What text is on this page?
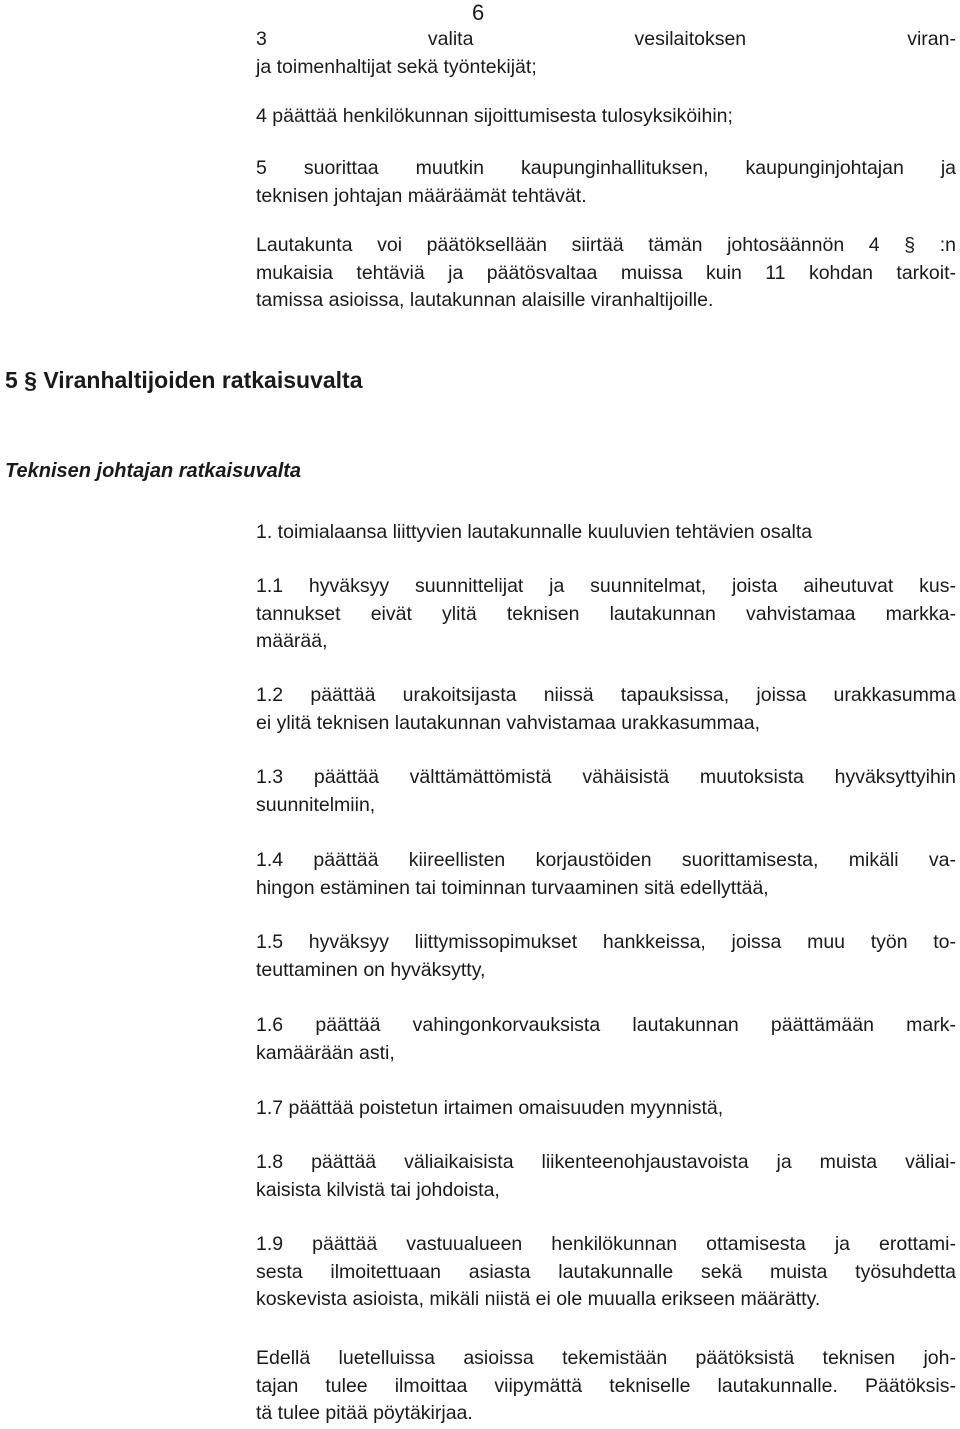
6
3 valita vesilaitoksen viran-
ja toimenhaltijat sekä työntekijät;
4 päättää henkilökunnan sijoittumisesta tulosyksiköihin;
5 suorittaa muutkin kaupunginhallituksen, kaupunginjohtajan ja
teknisen johtajan määräämät tehtävät.
Lautakunta voi päätöksellään siirtää tämän johtosäännön 4 § :n
mukaisia tehtäviä ja päätösvaltaa muissa kuin 11 kohdan tarkoit-
tamissa asioissa, lautakunnan alaisille viranhaltijoille.
5 § Viranhaltijoiden ratkaisuvalta
Teknisen johtajan ratkaisuvalta
1. toimialaansa liittyvien lautakunnalle kuuluvien tehtävien osalta
1.1 hyväksyy suunnittelijat ja suunnitelmat, joista aiheutuvat kus-
tannukset eivät ylitä teknisen lautakunnan vahvistamaa markka-
määrää,
1.2 päättää urakoitsijasta niissä tapauksissa, joissa urakkasumma
ei ylitä teknisen lautakunnan vahvistamaa urakkasummaa,
1.3 päättää välttämättömistä vähäisistä muutoksista hyväksyttyihin
suunnitelmiin,
1.4 päättää kiireellisten korjaustöiden suorittamisesta, mikäli va-
hingon estäminen tai toiminnan turvaaminen sitä edellyttää,
1.5 hyväksyy liittymissopimukset hankkeissa, joissa muu työn to-
teuttaminen on hyväksytty,
1.6 päättää vahingonkorvauksista lautakunnan päättämään mark-
kamäärään asti,
1.7 päättää poistetun irtaimen omaisuuden myynnistä,
1.8 päättää väliaikaisista liikenteenohjaustavoista ja muista väliai-
kaisista kilvistä tai johdoista,
1.9 päättää vastuualueen henkilökunnan ottamisesta ja erottami-
sesta ilmoitettuaan asiasta lautakunnalle sekä muista työsuhdetta
koskevista asioista, mikäli niistä ei ole muualla erikseen määrätty.
Edellä luetelluissa asioissa tekemistään päätöksistä teknisen joh-
tajan tulee ilmoittaa viipymättä tekniselle lautakunnalle. Päätöksis-
tä tulee pitää pöytäkirjaa.
